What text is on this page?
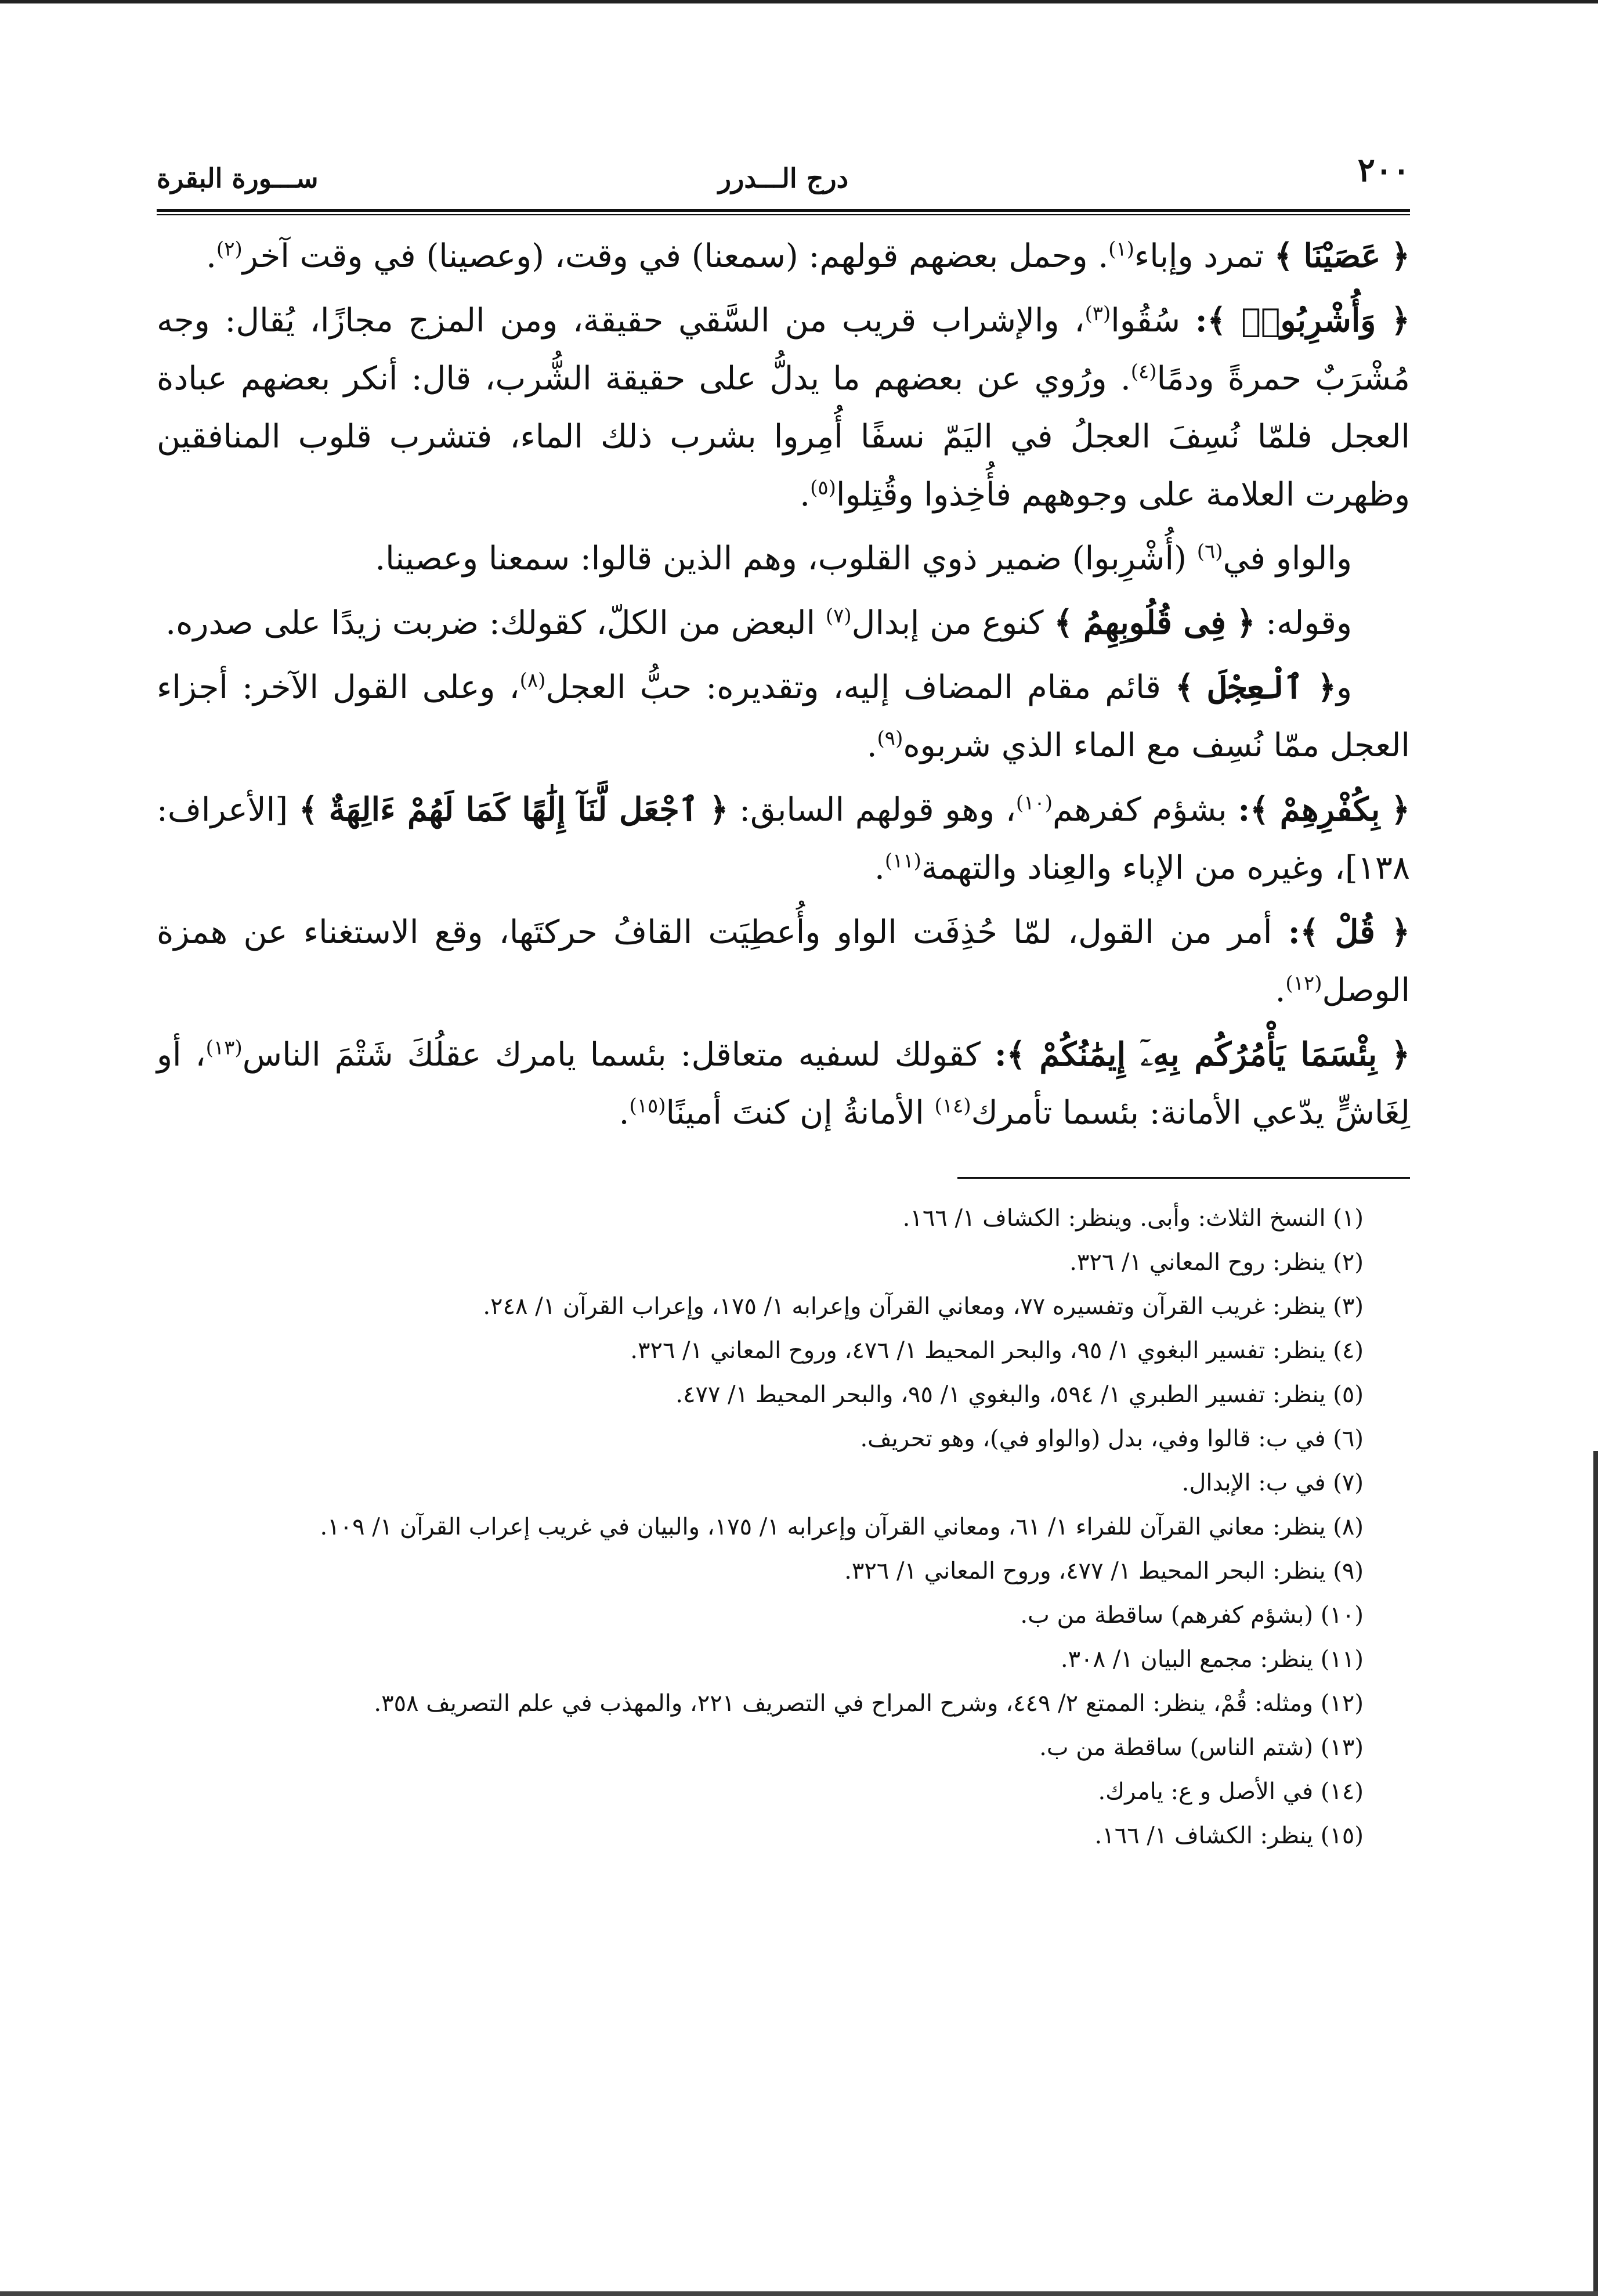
٢٠٠
درج الـــدرر
ســـورة البقرة

﴿ عَصَيْنَا ﴾ تمرد وإباء$^{(١)}$. وحمل بعضهم قولهم: (سمعنا) في وقت، (وعصينا) في وقت آخر$^{(٢)}$.

﴿ وَأُشْرِبُوا۟ ﴾: سُقُوا$^{(٣)}$، والإشراب قريب من السَّقي حقيقة، ومن المزج مجازًا، يُقال: وجه مُشْرَبٌ حمرةً ودمًا$^{(٤)}$. ورُوي عن بعضهم ما يدلُّ على حقيقة الشُّرب، قال: أنكر بعضهم عبادة العجل فلمّا نُسِفَ العجلُ في اليَمّ نسفًا أُمِروا بشرب ذلك الماء، فتشرب قلوب المنافقين وظهرت العلامة على وجوههم فأُخِذوا وقُتِلوا$^{(٥)}$.

والواو في$^{(٦)}$ (أُشْرِبوا) ضمير ذوي القلوب، وهم الذين قالوا: سمعنا وعصينا.

وقوله: ﴿ فِى قُلُوبِهِمُ ﴾ كنوع من إبدال$^{(٧)}$ البعض من الكلّ، كقولك: ضربت زيدًا على صدره.

و﴿ ٱلْعِجْلَ ﴾ قائم مقام المضاف إليه، وتقديره: حبُّ العجل$^{(٨)}$، وعلى القول الآخر: أجزاء العجل ممّا نُسِف مع الماء الذي شربوه$^{(٩)}$.

﴿ بِكُفْرِهِمْ ﴾: بشؤم كفرهم$^{(١٠)}$، وهو قولهم السابق: ﴿ ٱجْعَل لَّنَآ إِلَٰهًا كَمَا لَهُمْ ءَالِهَةٌ ﴾ [الأعراف: ١٣٨]، وغيره من الإباء والعِناد والتهمة$^{(١١)}$.

﴿ قُلْ ﴾: أمر من القول، لمّا حُذِفَت الواو وأُعطِيَت القافُ حركتَها، وقع الاستغناء عن همزة الوصل$^{(١٢)}$.

﴿ بِئْسَمَا يَأْمُرُكُم بِهِۦٓ إِيمَٰنُكُمْ ﴾: كقولك لسفيه متعاقل: بئسما يامرك عقلُكَ شَتْمَ الناس$^{(١٣)}$، أو لِغَاشٍّ يدّعي الأمانة: بئسما تأمرك$^{(١٤)}$ الأمانةُ إن كنتَ أمينًا$^{(١٥)}$.

(١) النسخ الثلاث: وأبى. وينظر: الكشاف ١/ ١٦٦.

(٢) ينظر: روح المعاني ١/ ٣٢٦.

(٣) ينظر: غريب القرآن وتفسيره ٧٧، ومعاني القرآن وإعرابه ١/ ١٧٥، وإعراب القرآن ١/ ٢٤٨.

(٤) ينظر: تفسير البغوي ١/ ٩٥، والبحر المحيط ١/ ٤٧٦، وروح المعاني ١/ ٣٢٦.

(٥) ينظر: تفسير الطبري ١/ ٥٩٤، والبغوي ١/ ٩٥، والبحر المحيط ١/ ٤٧٧.

(٦) في ب: قالوا وفي، بدل (والواو في)، وهو تحريف.

(٧) في ب: الإبدال.

(٨) ينظر: معاني القرآن للفراء ١/ ٦١، ومعاني القرآن وإعرابه ١/ ١٧٥، والبيان في غريب إعراب القرآن ١/ ١٠٩.

(٩) ينظر: البحر المحيط ١/ ٤٧٧، وروح المعاني ١/ ٣٢٦.

(١٠) (بشؤم كفرهم) ساقطة من ب.

(١١) ينظر: مجمع البيان ١/ ٣٠٨.

(١٢) ومثله: قُمْ، ينظر: الممتع ٢/ ٤٤٩، وشرح المراح في التصريف ٢٢١، والمهذب في علم التصريف ٣٥٨.

(١٣) (شتم الناس) ساقطة من ب.

(١٤) في الأصل و ع: يامرك.

(١٥) ينظر: الكشاف ١/ ١٦٦.
